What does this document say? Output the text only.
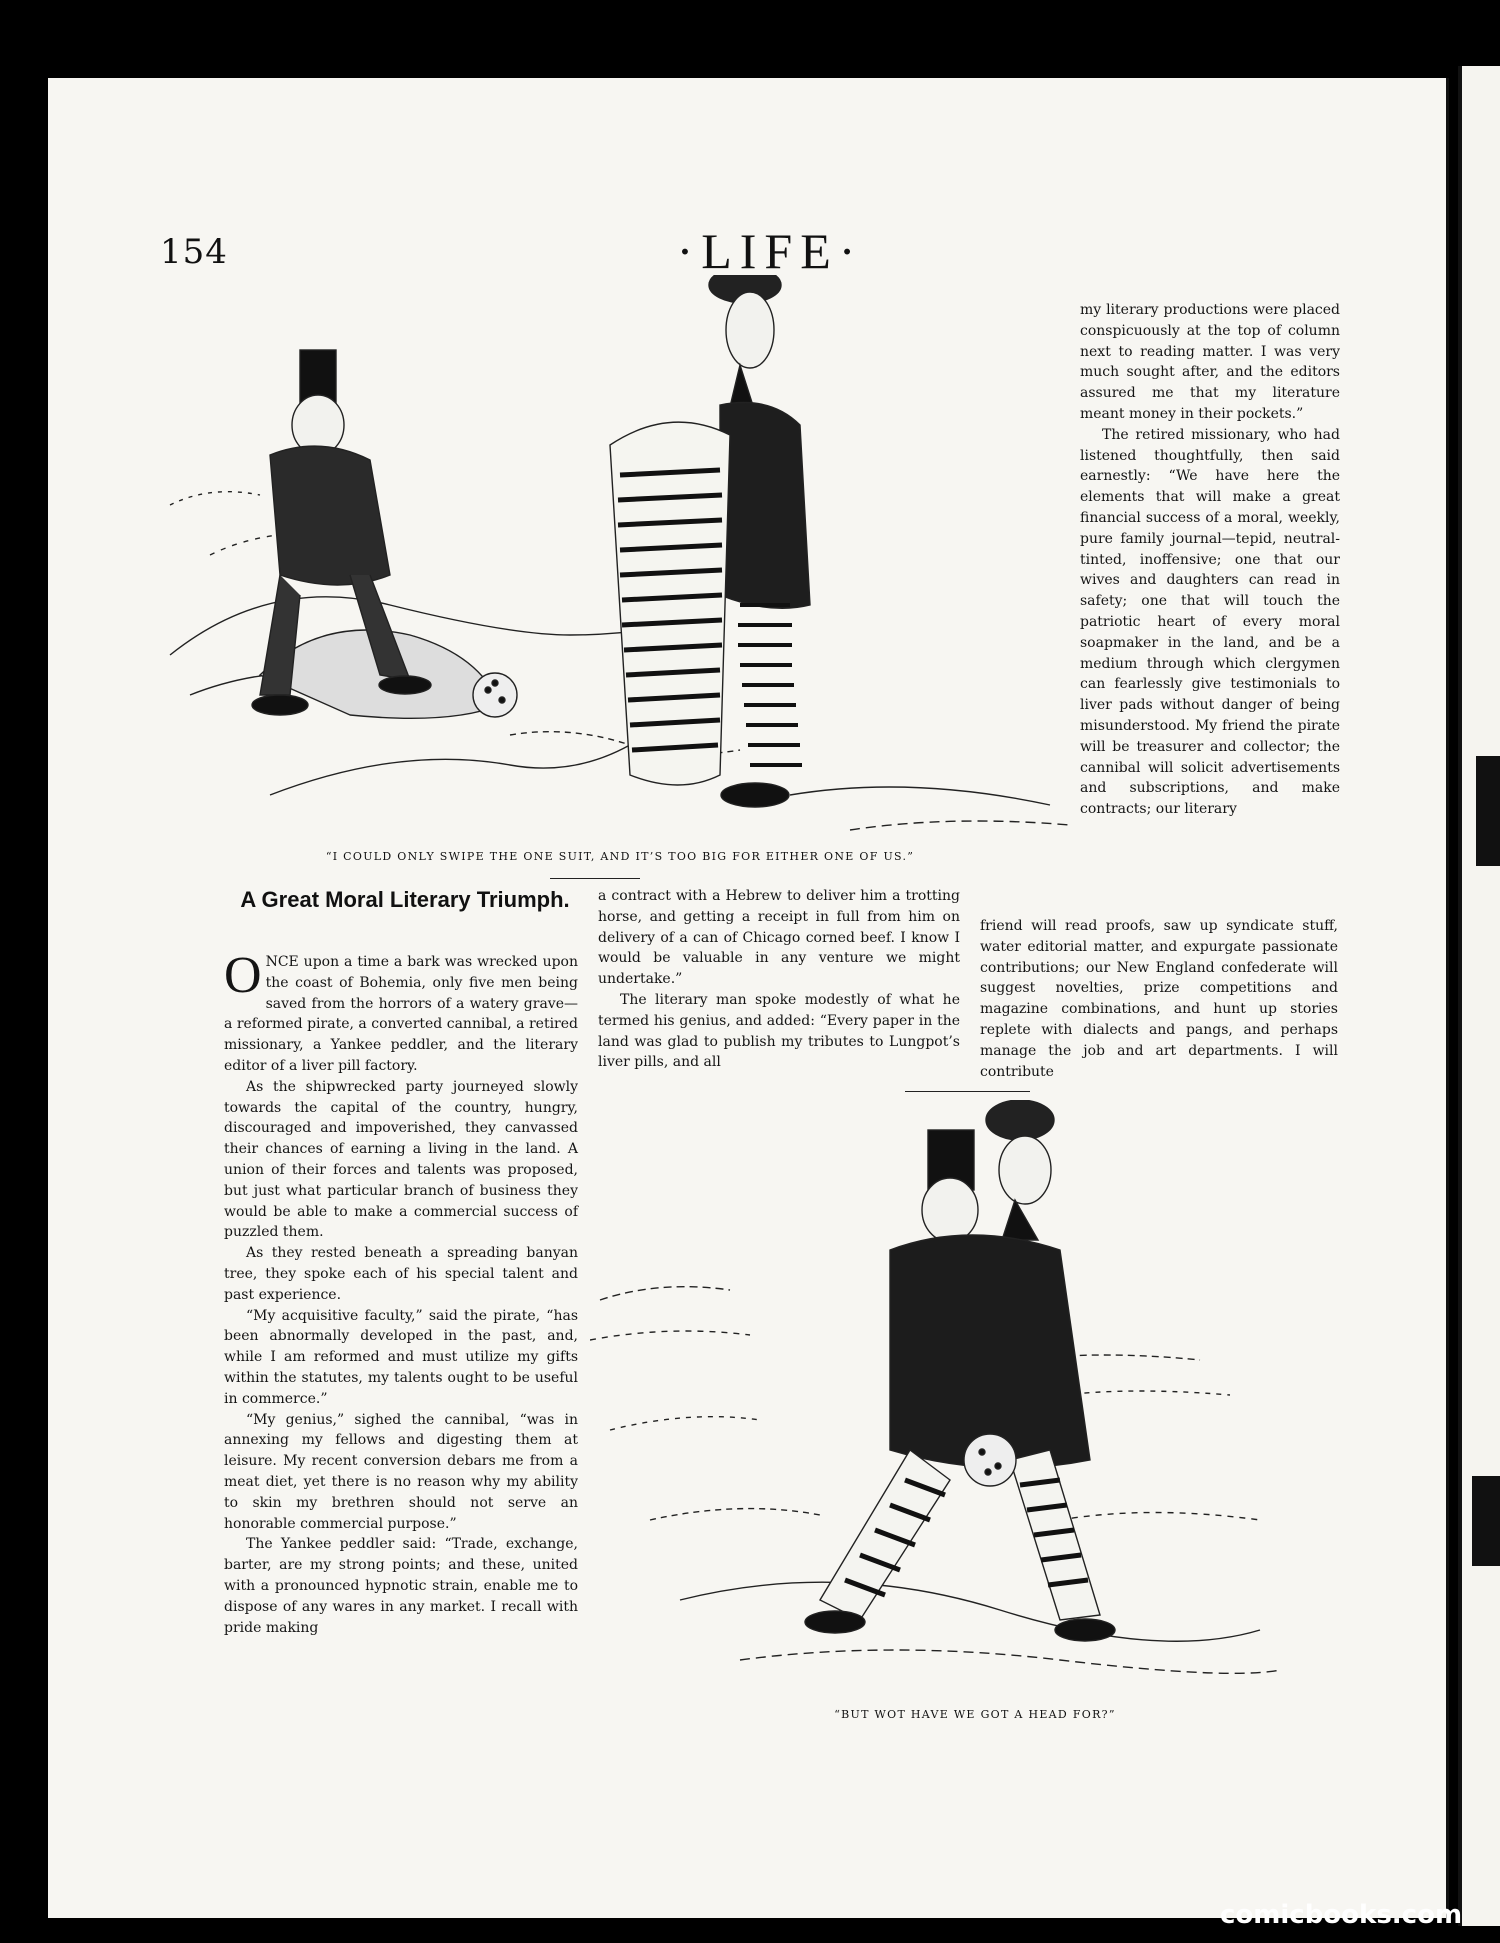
154	·LIFE·
“I COULD ONLY SWIPE THE ONE SUIT, AND IT’S TOO BIG FOR EITHER ONE OF US.”
A Great Moral Literary Triumph.

ONCE upon a time a bark was wrecked upon the coast of Bohemia, only five men being saved from the horrors of a watery grave—a reformed pirate, a converted cannibal, a retired missionary, a Yankee peddler, and the literary editor of a liver pill factory.

As the shipwrecked party journeyed slowly towards the capital of the country, hungry, discouraged and impoverished, they canvassed their chances of earning a living in the land. A union of their forces and talents was proposed, but just what particular branch of business they would be able to make a commercial success of puzzled them.

As they rested beneath a spreading banyan tree, they spoke each of his special talent and past experience.

“My acquisitive faculty,” said the pirate, “has been abnormally developed in the past, and, while I am reformed and must utilize my gifts within the statutes, my talents ought to be useful in commerce.”

“My genius,” sighed the cannibal, “was in annexing my fellows and digesting them at leisure. My recent conversion debars me from a meat diet, yet there is no reason why my ability to skin my brethren should not serve an honorable commercial purpose.”

The Yankee peddler said: “Trade, exchange, barter, are my strong points; and these, united with a pronounced hypnotic strain, enable me to dispose of any wares in any market. I recall with pride making

a contract with a Hebrew to deliver him a trotting horse, and getting a receipt in full from him on delivery of a can of Chicago corned beef. I know I would be valuable in any venture we might undertake.”

The literary man spoke modestly of what he termed his genius, and added: “Every paper in the land was glad to publish my tributes to Lungpot’s liver pills, and all

my literary productions were placed conspicuously at the top of column next to reading matter. I was very much sought after, and the editors assured me that my literature meant money in their pockets.”

The retired missionary, who had listened thoughtfully, then said earnestly: “We have here the elements that will make a great financial success of a moral, weekly, pure family journal—tepid, neutral-tinted, inoffensive; one that our wives and daughters can read in safety; one that will touch the patriotic heart of every moral soapmaker in the land, and be a medium through which clergymen can fearlessly give testimonials to liver pads without danger of being misunderstood. My friend the pirate will be treasurer and collector; the cannibal will solicit advertisements and subscriptions, and make contracts; our literary

friend will read proofs, saw up syndicate stuff, water editorial matter, and expurgate passionate contributions; our New England confederate will suggest novelties, prize competitions and magazine combinations, and hunt up stories replete with dialects and pangs, and perhaps manage the job and art departments. I will contribute

“BUT WOT HAVE WE GOT A HEAD FOR?”
comicbooks.com
